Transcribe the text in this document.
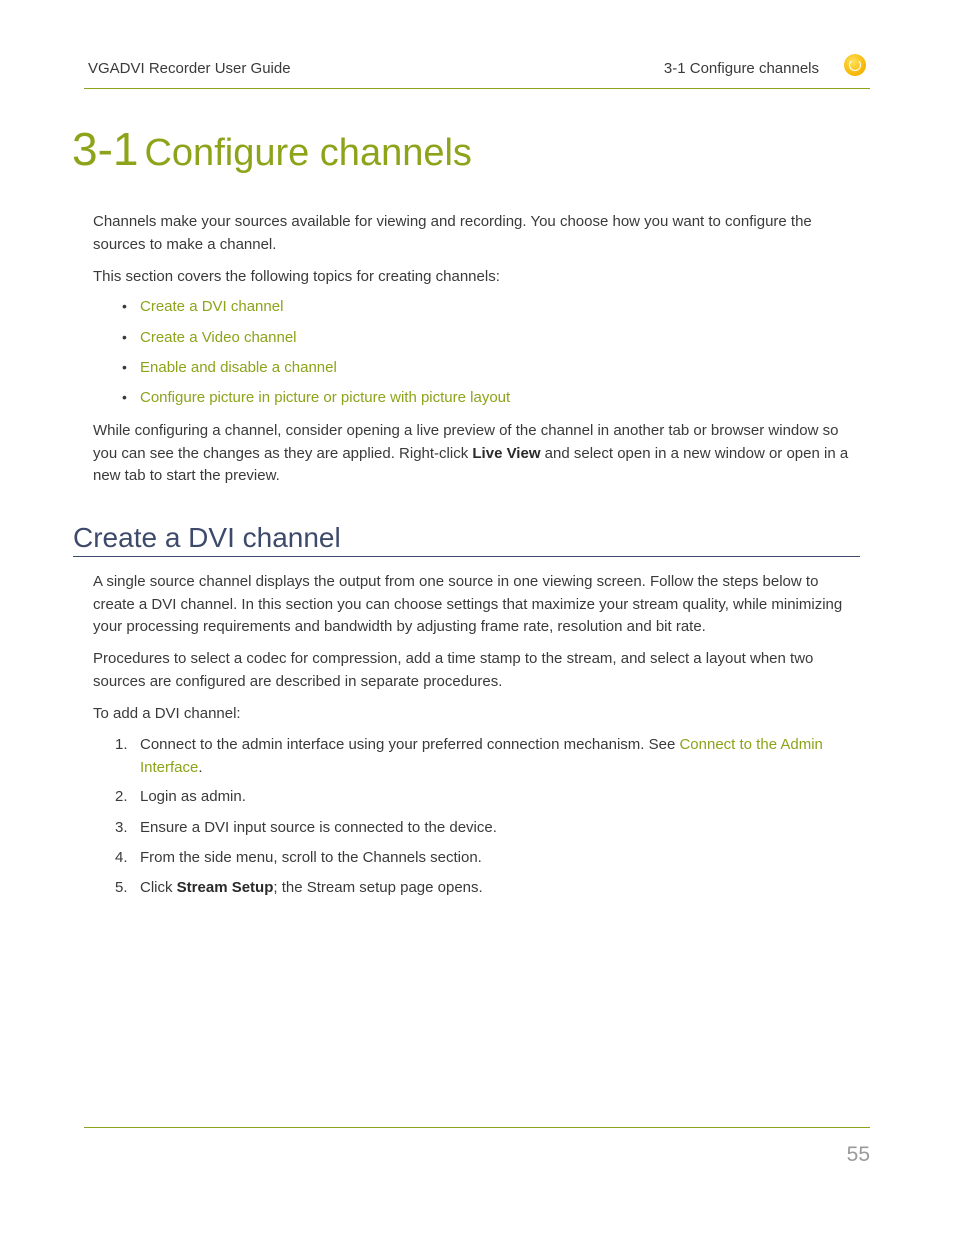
VGADVI Recorder User Guide	3-1 Configure channels
3-1 Configure channels

Channels make your sources available for viewing and recording. You choose how you want to configure the sources to make a channel.

This section covers the following topics for creating channels:

• Create a DVI channel
• Create a Video channel
• Enable and disable a channel
• Configure picture in picture or picture with picture layout

While configuring a channel, consider opening a live preview of the channel in another tab or browser window so you can see the changes as they are applied. Right-click Live View and select open in a new window or open in a new tab to start the preview.

Create a DVI channel

A single source channel displays the output from one source in one viewing screen. Follow the steps below to create a DVI channel. In this section you can choose settings that maximize your stream quality, while minimizing your processing requirements and bandwidth by adjusting frame rate, resolution and bit rate.

Procedures to select a codec for compression, add a time stamp to the stream, and select a layout when two sources are configured are described in separate procedures.

To add a DVI channel:

1. Connect to the admin interface using your preferred connection mechanism. See Connect to the Admin Interface.
2. Login as admin.
3. Ensure a DVI input source is connected to the device.
4. From the side menu, scroll to the Channels section.
5. Click Stream Setup; the Stream setup page opens.
55
